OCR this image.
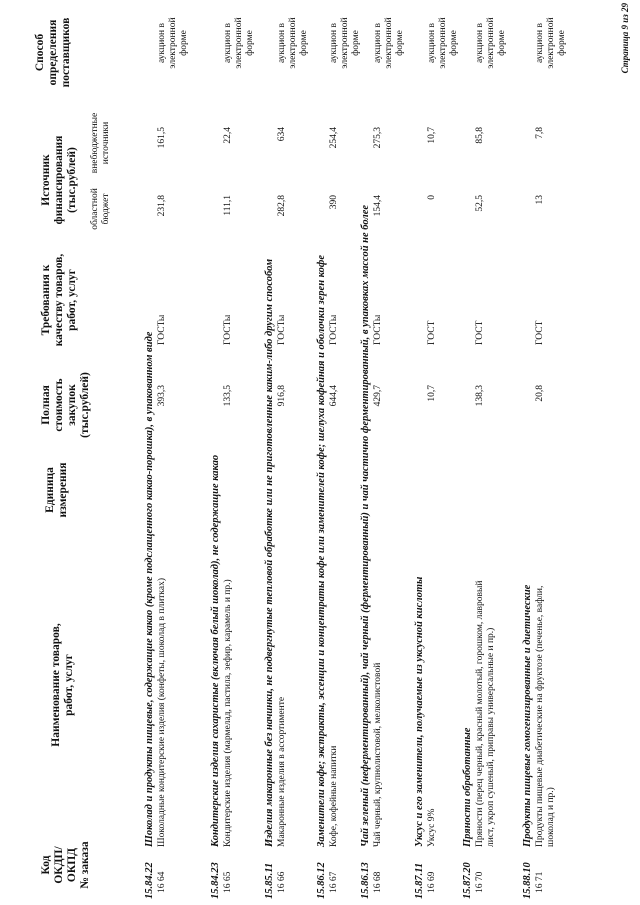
Код ОКДП/ ОКПД № заказа
Наименование товаров, работ, услуг
Единица измерения
Полная стоимость закупок (тыс.рублей)
Требования к качеству товаров, работ, услуг
Источник финансирования (тыс.рублей) областной бюджет
внебюджетные источники
Способ определения поставщиков
15.84.22
Шоколад и продукты пищевые, содержащие какао (кроме подслащенного какао-порошка), в упакованном виде
16 64
Шоколадные кондитерские изделия (конфеты, шоколад в плитках)
393,3
ГОСТы
231,8
161,5
аукцион в электронной форме
15.84.23
Кондитерские изделия сахаристые (включая белый шоколад), не содержащие какао
16 65
Кондитерские изделия (мармелад, пастила, зефир, карамель и пр.)
133,5
ГОСТы
111,1
22,4
аукцион в электронной форме
15.85.11
Изделия макаронные без начинки, не подвергнутые тепловой обработке или не приготовленные каким-либо другим способом
16 66
Макаронные изделия в ассортименте
916,8
ГОСТы
282,8
634
аукцион в электронной форме
15.86.12
Заменители кофе; экстракты, эссенции и концентраты кофе или заменителей кофе; шелуха кофейная и оболочки зерен кофе
16 67
Кофе, кофейные напитки
644,4
ГОСТы
390
254,4
аукцион в электронной форме
15.86.13
Чай зеленый (неферментированный), чай черный (ферментированный) и чай частично ферментированный, в упаковках массой не более
16 68
Чай черный, крупнолистовой, мелколистовой
429,7
ГОСТы
154,4
275,3
аукцион в электронной форме
15.87.11
Уксус и его заменители, получаемые из уксусной кислоты
16 69
Уксус 9%
10,7
ГОСТ
0
10,7
аукцион в электронной форме
15.87.20
Пряности обработанные
16 70
Пряности (перец черный, красный молотый, горошком, лавровый лист, укроп сушеный, приправы универсальные и пр.)
138,3
ГОСТ
52,5
85,8
аукцион в электронной форме
15.88.10
Продукты пищевые гомогенизированные и диетические
16 71
Продукты пищевые диабетические на фруктозе (печенье, вафли, шоколад и пр.)
20,8
ГОСТ
13
7,8
аукцион в электронной форме	Страница 9 из 29
